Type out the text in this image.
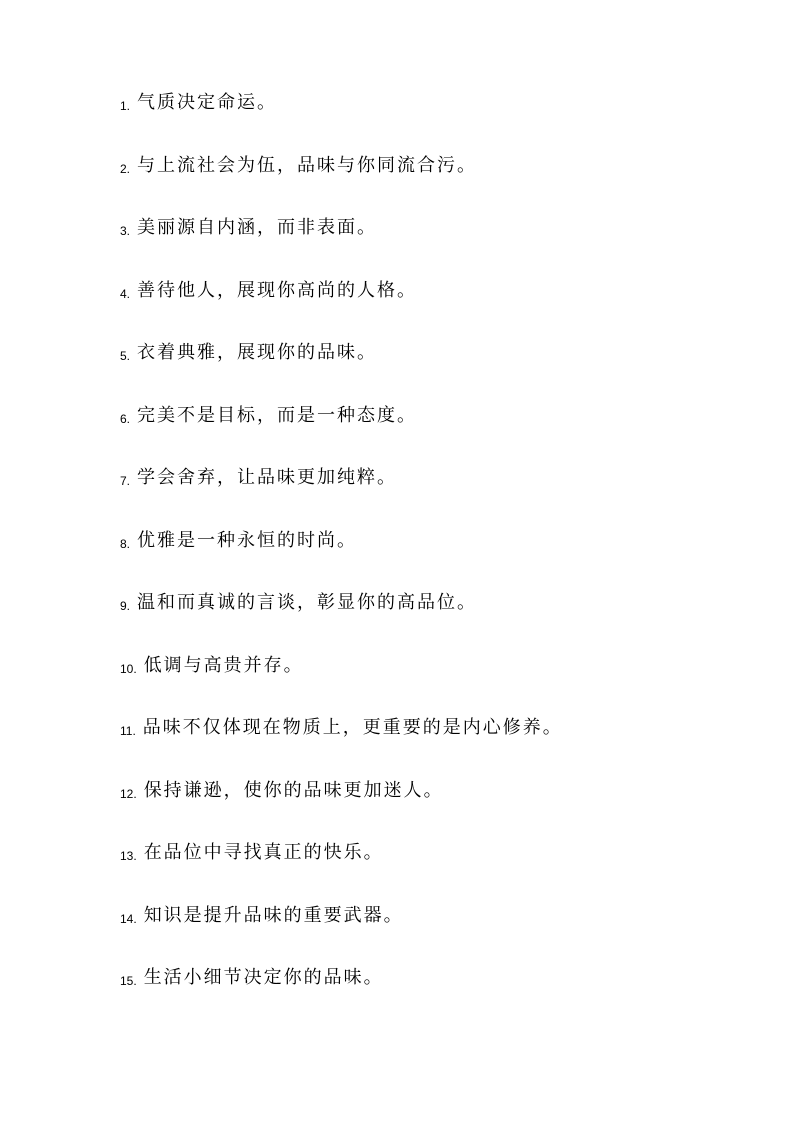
1. 气质决定命运。
2. 与上流社会为伍，品味与你同流合污。
3. 美丽源自内涵，而非表面。
4. 善待他人，展现你高尚的人格。
5. 衣着典雅，展现你的品味。
6. 完美不是目标，而是一种态度。
7. 学会舍弃，让品味更加纯粹。
8. 优雅是一种永恒的时尚。
9. 温和而真诚的言谈，彰显你的高品位。
10. 低调与高贵并存。
11. 品味不仅体现在物质上，更重要的是内心修养。
12. 保持谦逊，使你的品味更加迷人。
13. 在品位中寻找真正的快乐。
14. 知识是提升品味的重要武器。
15. 生活小细节决定你的品味。
